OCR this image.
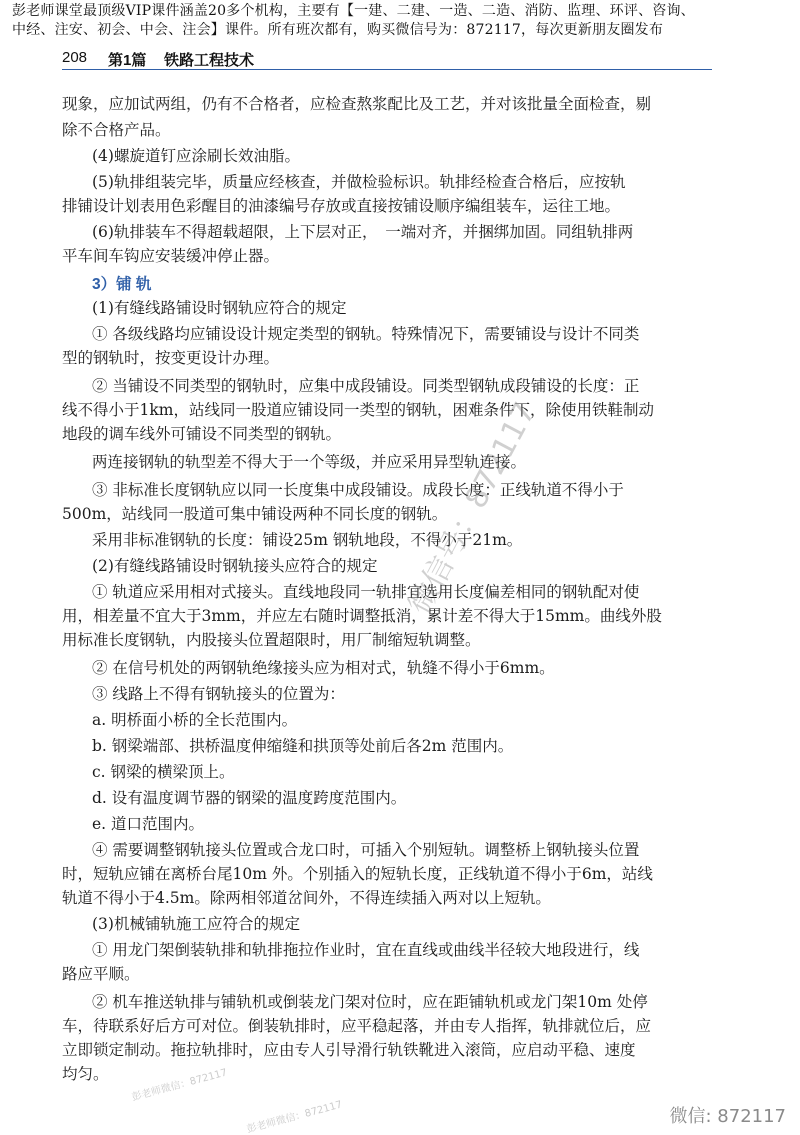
彭老师课堂最顶级VIP课件涵盖20多个机构，主要有【一建、二建、一造、二造、消防、监理、环评、咨询、
中经、注安、初会、中会、注会】课件。所有班次都有，购买微信号为：872117，每次更新朋友圈发布
208 第1篇 铁路工程技术
现象，应加试两组，仍有不合格者，应检查熬浆配比及工艺，并对该批量全面检查，剔
除不合格产品。
(4)螺旋道钉应涂刷长效油脂。
(5)轨排组装完毕，质量应经核查，并做检验标识。轨排经检查合格后，应按轨
排铺设计划表用色彩醒目的油漆编号存放或直接按铺设顺序编组装车，运往工地。
(6)轨排装车不得超载超限，上下层对正，　一端对齐，并捆绑加固。同组轨排两
平车间车钩应安装缓冲停止器。
3）铺 轨
(1)有缝线路铺设时钢轨应符合的规定
① 各级线路均应铺设设计规定类型的钢轨。特殊情况下，需要铺设与设计不同类
型的钢轨时，按变更设计办理。
② 当铺设不同类型的钢轨时，应集中成段铺设。同类型钢轨成段铺设的长度：正
线不得小于1km，站线同一股道应铺设同一类型的钢轨，困难条件下，除使用铁鞋制动
地段的调车线外可铺设不同类型的钢轨。
两连接钢轨的轨型差不得大于一个等级，并应采用异型轨连接。
③ 非标准长度钢轨应以同一长度集中成段铺设。成段长度：正线轨道不得小于
500m，站线同一股道可集中铺设两种不同长度的钢轨。
采用非标准钢轨的长度：铺设25m 钢轨地段，不得小于21m。
(2)有缝线路铺设时钢轨接头应符合的规定
① 轨道应采用相对式接头。直线地段同一轨排宜选用长度偏差相同的钢轨配对使
用，相差量不宜大于3mm，并应左右随时调整抵消，累计差不得大于15mm。曲线外股
用标准长度钢轨，内股接头位置超限时，用厂制缩短轨调整。
② 在信号机处的两钢轨绝缘接头应为相对式，轨缝不得小于6mm。
③ 线路上不得有钢轨接头的位置为：
a. 明桥面小桥的全长范围内。
b. 钢梁端部、拱桥温度伸缩缝和拱顶等处前后各2m 范围内。
c. 钢梁的横梁顶上。
d. 设有温度调节器的钢梁的温度跨度范围内。
e. 道口范围内。
④ 需要调整钢轨接头位置或合龙口时，可插入个别短轨。调整桥上钢轨接头位置
时，短轨应铺在离桥台尾10m 外。个别插入的短轨长度，正线轨道不得小于6m，站线
轨道不得小于4.5m。除两相邻道岔间外，不得连续插入两对以上短轨。
(3)机械铺轨施工应符合的规定
① 用龙门架倒装轨排和轨排拖拉作业时，宜在直线或曲线半径较大地段进行，线
路应平顺。
② 机车推送轨排与铺轨机或倒装龙门架对位时，应在距铺轨机或龙门架10m 处停
车，待联系好后方可对位。倒装轨排时，应平稳起落，并由专人指挥，轨排就位后，应
立即锁定制动。拖拉轨排时，应由专人引导滑行轨铁靴进入滚筒，应启动平稳、速度
均匀。
微信号：872117
彭老师微信：872117
彭老师微信：872117	微信: 872117
